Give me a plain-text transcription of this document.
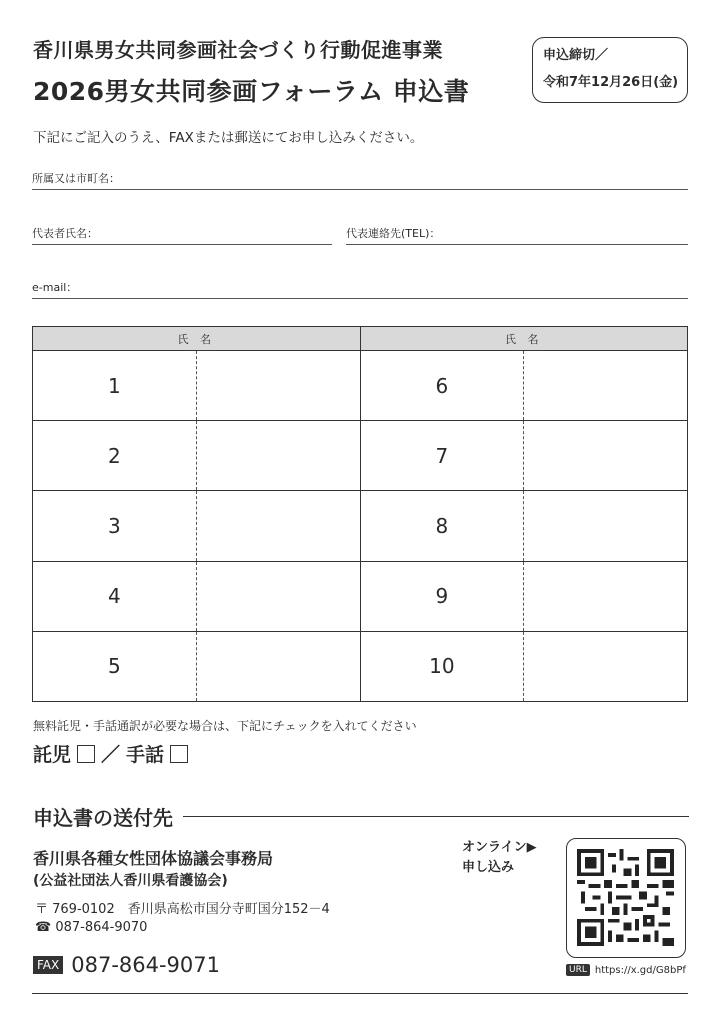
香川県男女共同参画社会づくり行動促進事業
2026男女共同参画フォーラム 申込書
申込締切／
令和7年12月26日(金)
下記にご記入のうえ、FAXまたは郵送にてお申し込みください。
所属又は市町名：
代表者氏名：	代表連絡先(TEL)：
e-mail：
氏 名		氏 名	
1		6	
2		7	
3		8	
4		9	
5		10	
無料託児・手話通訳が必要な場合は、下記にチェックを入れてください
託児 ／ 手話
申込書の送付先
香川県各種女性団体協議会事務局
(公益社団法人香川県看護協会)
〒 769-0102　香川県高松市国分寺町国分152－4
☎ 087-864-9070
FAX 087-864-9071
オンライン▶
申し込み
URL https://x.gd/G8bPf
